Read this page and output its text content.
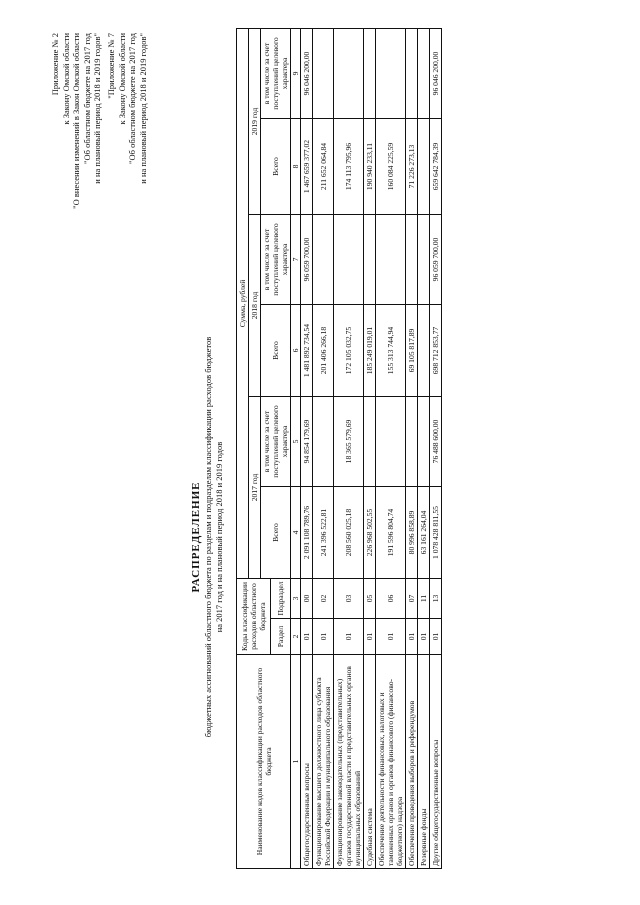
Приложение № 2 к Закону Омской области "О внесении изменений в Закон Омской области "Об областном бюджете на 2017 год и на плановый период 2018 и 2019 годов" "Приложение № 7 к Закону Омской области "Об областном бюджете на 2017 год и на плановый период 2018 и 2019 годов"
РАСПРЕДЕЛЕНИЕ бюджетных ассигнований областного бюджета по разделам и подразделам классификации расходов бюджетов на 2017 год и на плановый период 2018 и 2019 годов
Наименование кодов классификации расходов областного бюджета	Коды классификации расходов областного бюджета		Сумма, рублей					
			2017 год		2018 год		2019 год	
			Всего	в том числе за счет поступлений целевого характера	Всего	в том числе за счет поступлений целевого характера	Всего	в том числе за счет поступлений целевого характера
	Раздел	Подраздел						
1	2	3	4	5	6	7	8	9
Общегосударственные вопросы	01	00	2 091 108 789,76	94 854 179,69	1 481 892 734,54	96 059 700,00	1 467 659 377,02	96 046 200,00
Функционирование высшего должностного лица субъекта Российской Федерации и муниципального образования	01	02	241 396 522,81		201 406 266,18		211 652 064,84	
Функционирование законодательных (представительных) органов государственной власти и представительных органов муниципальных образований	01	03	208 560 025,18	18 365 579,69	172 105 032,75		174 113 795,96	
Судебная система	01	05	226 968 502,55		185 249 019,01		190 940 233,11	
Обеспечение деятельности финансовых, налоговых и таможенных органов и органов финансового (финансово-бюджетного) надзора	01	06	191 596 804,74		155 313 744,94		160 084 225,59	
Обеспечение проведения выборов и референдумов	01	07	80 996 858,89		69 105 817,89		71 226 273,13	
Резервные фонды	01	11	63 161 264,04					
Другие общегосударственные вопросы	01	13	1 078 428 811,55	76 488 600,00	698 712 853,77	96 059 700,00	659 642 784,39	96 046 200,00
